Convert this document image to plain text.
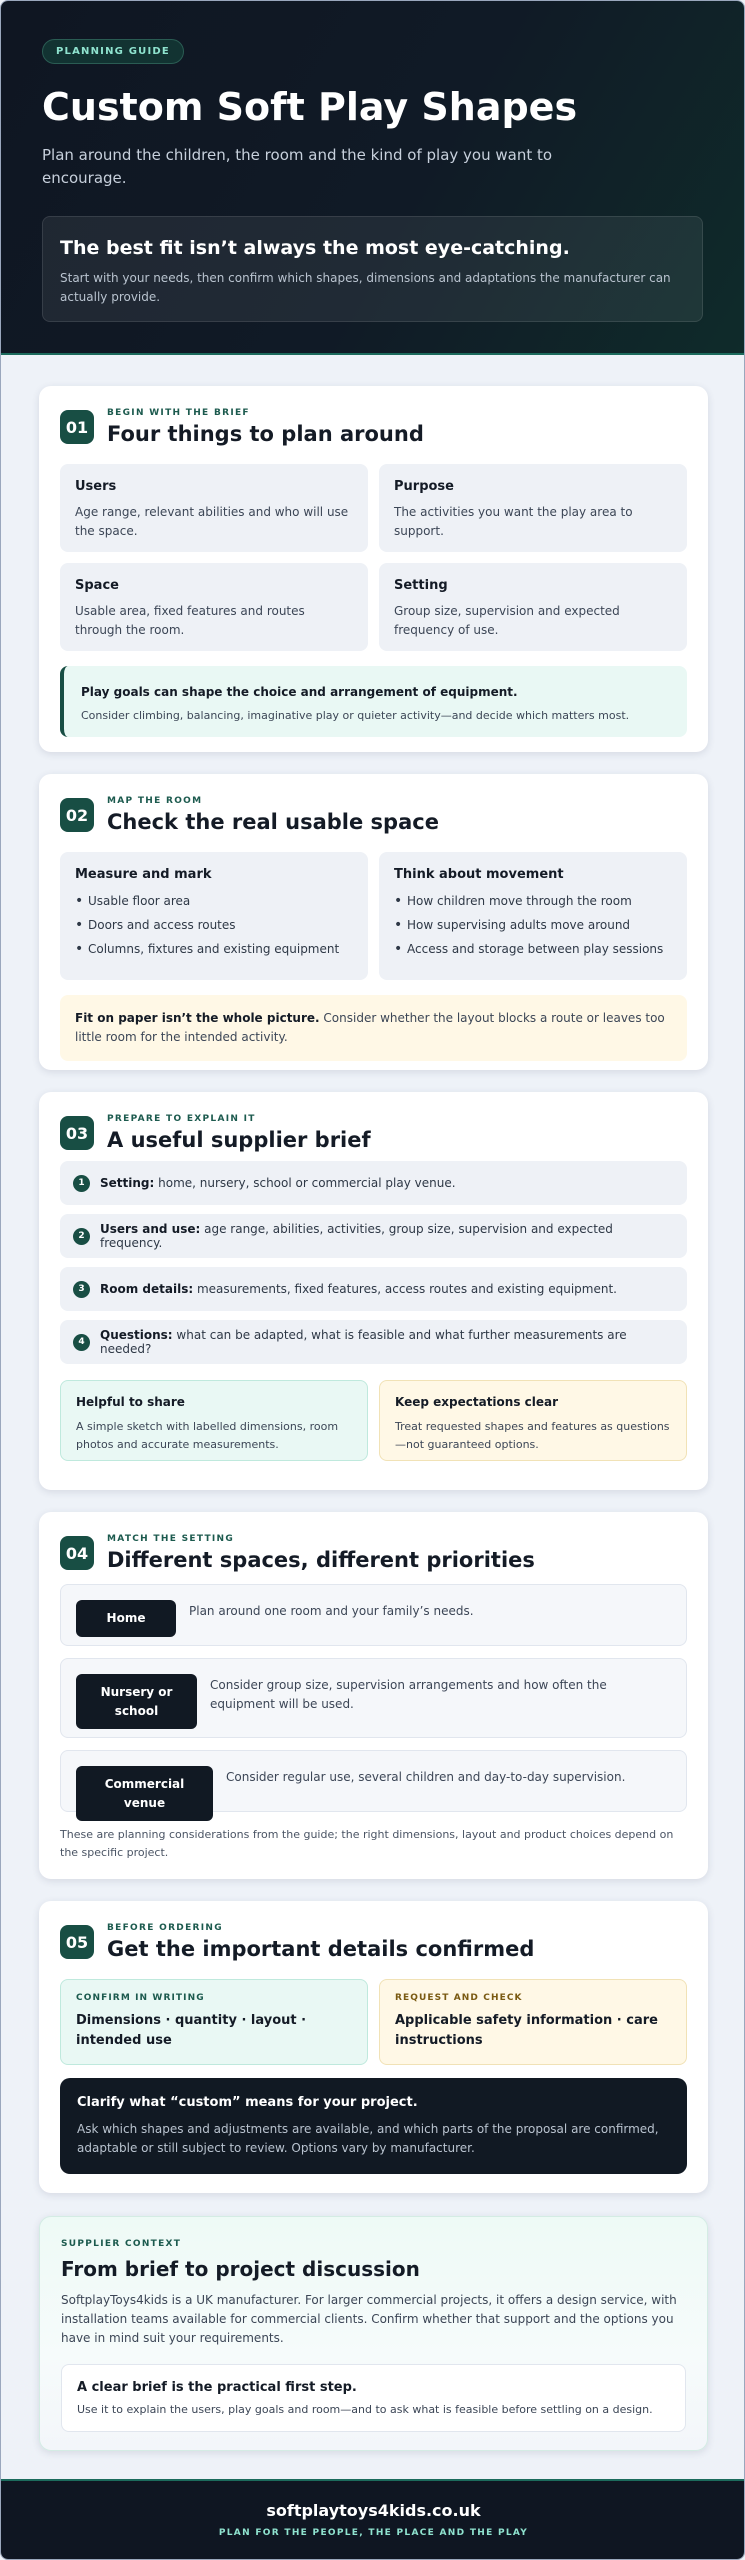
PLANNING GUIDE
Custom Soft Play Shapes

Plan around the children, the room and the kind of play you want to encourage.

The best fit isn’t always the most eye-catching.

Start with your needs, then confirm which shapes, dimensions and adaptations the manufacturer can actually provide.

01
BEGIN WITH THE BRIEF
Four things to plan around
Users

Age range, relevant abilities and who will use the space.

Purpose

The activities you want the play area to support.

Space

Usable area, fixed features and routes through the room.

Setting

Group size, supervision and expected frequency of use.

Play goals can shape the choice and arrangement of equipment.

Consider climbing, balancing, imaginative play or quieter activity—and decide which matters most.

02
MAP THE ROOM
Check the real usable space
Measure and mark
• Usable floor area
• Doors and access routes
• Columns, fixtures and existing equipment
Think about movement
• How children move through the room
• How supervising adults move around
• Access and storage between play sessions
Fit on paper isn’t the whole picture. Consider whether the layout blocks a route or leaves too little room for the intended activity.
03
PREPARE TO EXPLAIN IT
A useful supplier brief
1	Setting: home, nursery, school or commercial play venue.
2	Users and use: age range, abilities, activities, group size, supervision and expected frequency.
3	Room details: measurements, fixed features, access routes and existing equipment.
4	Questions: what can be adapted, what is feasible and what further measurements are needed?
Helpful to share

A simple sketch with labelled dimensions, room photos and accurate measurements.

Keep expectations clear

Treat requested shapes and features as questions—not guaranteed options.

04
MATCH THE SETTING
Different spaces, different priorities
Home	Plan around one room and your family’s needs.

Nursery or school

Consider group size, supervision arrangements and how often the equipment will be used.

Commercial venue

Consider regular use, several children and day-to-day supervision.

These are planning considerations from the guide; the right dimensions, layout and product choices depend on the specific project.

05
BEFORE ORDERING
Get the important details confirmed
CONFIRM IN WRITING
Dimensions · quantity · layout · intended use
REQUEST AND CHECK
Applicable safety information · care instructions
Clarify what “custom” means for your project.

Ask which shapes and adjustments are available, and which parts of the proposal are confirmed, adaptable or still subject to review. Options vary by manufacturer.

SUPPLIER CONTEXT
From brief to project discussion

SoftplayToys4kids is a UK manufacturer. For larger commercial projects, it offers a design service, with installation teams available for commercial clients. Confirm whether that support and the options you have in mind suit your requirements.

A clear brief is the practical first step.

Use it to explain the users, play goals and room—and to ask what is feasible before settling on a design.

softplaytoys4kids.co.uk
PLAN FOR THE PEOPLE, THE PLACE AND THE PLAY
